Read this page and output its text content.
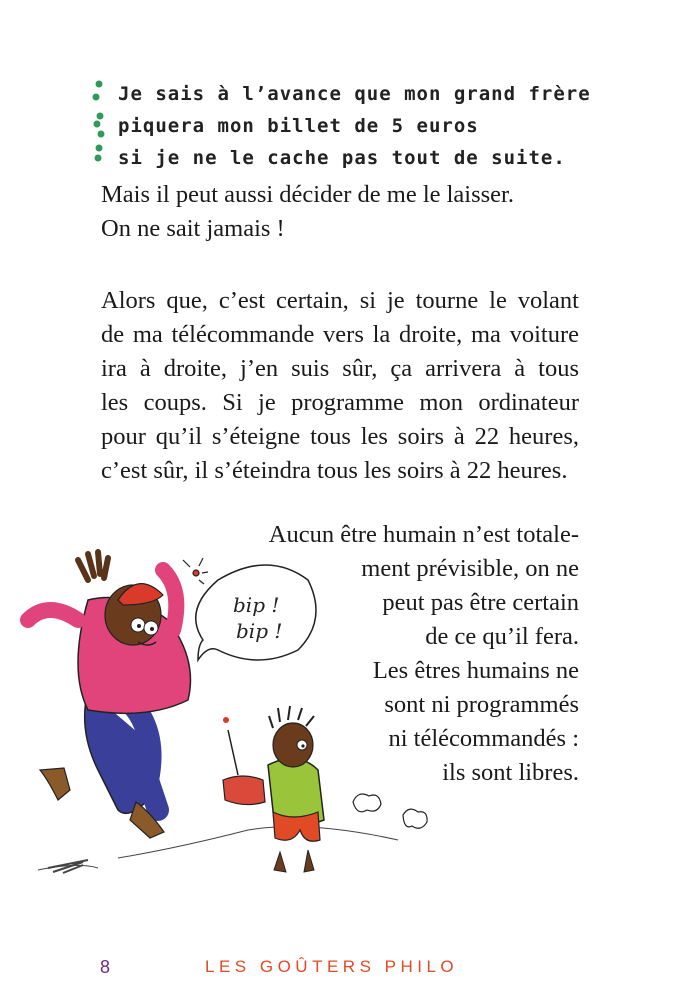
Je sais à l’avance que mon grand frère
piquera mon billet de 5 euros
si je ne le cache pas tout de suite.
Mais il peut aussi décider de me le laisser.
On ne sait jamais !
Alors que, c’est certain, si je tourne le volant
de ma télécommande vers la droite, ma voiture
ira à droite, j’en suis sûr, ça arrivera à tous
les coups. Si je programme mon ordinateur
pour qu’il s’éteigne tous les soirs à 22 heures,
c’est sûr, il s’éteindra tous les soirs à 22 heures.
Aucun être humain n’est totale-
ment prévisible, on ne
peut pas être certain
de ce qu’il fera.
Les êtres humains ne
sont ni programmés
ni télécommandés :
ils sont libres.
bip !
bip !
8	LES GOÛTERS PHILO
